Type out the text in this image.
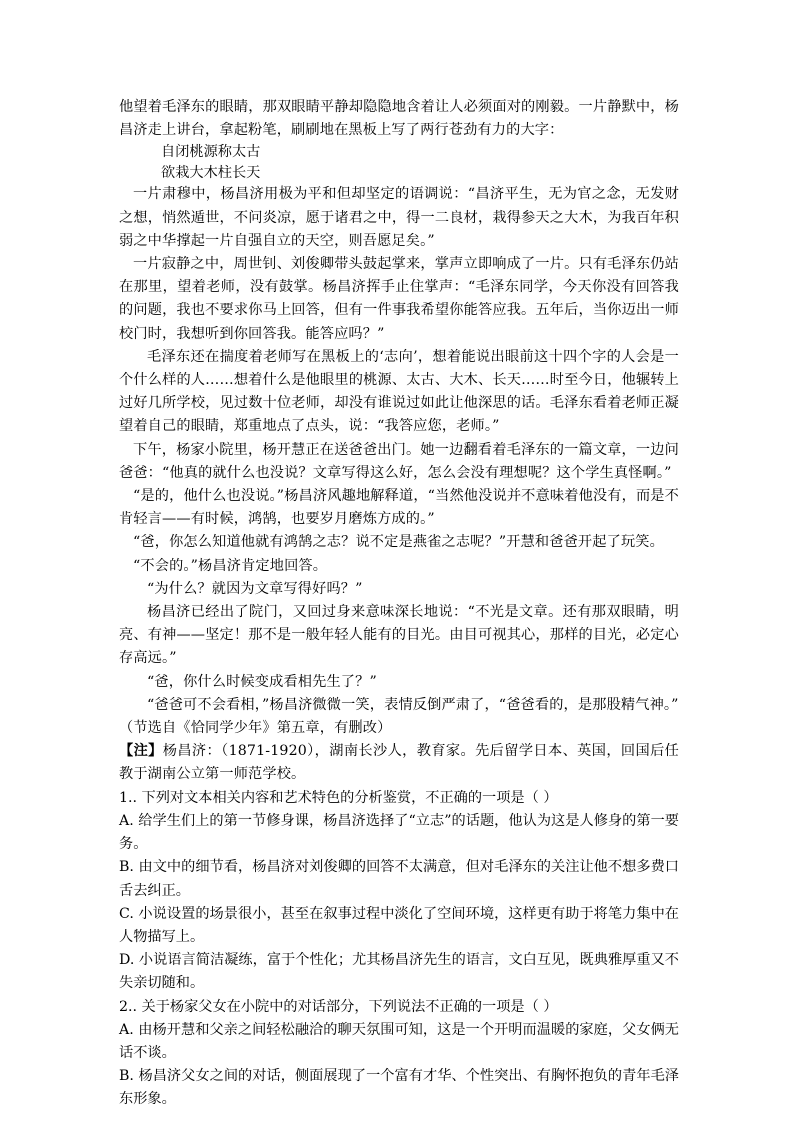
他望着毛泽东的眼睛，那双眼睛平静却隐隐地含着让人必须面对的刚毅。一片静默中，杨昌济走上讲台，拿起粉笔，刷刷地在黑板上写了两行苍劲有力的大字：

自闭桃源称太古

欲栽大木柱长天

一片肃穆中，杨昌济用极为平和但却坚定的语调说：“昌济平生，无为官之念，无发财之想，悄然遁世，不问炎凉，愿于诸君之中，得一二良材，栽得参天之大木，为我百年积弱之中华撑起一片自强自立的天空，则吾愿足矣。”

一片寂静之中，周世钊、刘俊卿带头鼓起掌来，掌声立即响成了一片。只有毛泽东仍站在那里，望着老师，没有鼓掌。杨昌济挥手止住掌声：“毛泽东同学，今天你没有回答我的问题，我也不要求你马上回答，但有一件事我希望你能答应我。五年后，当你迈出一师校门时，我想听到你回答我。能答应吗？”

毛泽东还在揣度着老师写在黑板上的‘志向’，想着能说出眼前这十四个字的人会是一个什么样的人……想着什么是他眼里的桃源、太古、大木、长天……时至今日，他辗转上过好几所学校，见过数十位老师，却没有谁说过如此让他深思的话。毛泽东看着老师正凝望着自己的眼睛，郑重地点了点头，说：“我答应您，老师。”

下午，杨家小院里，杨开慧正在送爸爸出门。她一边翻看着毛泽东的一篇文章，一边问爸爸：“他真的就什么也没说？文章写得这么好，怎么会没有理想呢？这个学生真怪啊。”

“是的，他什么也没说。”杨昌济风趣地解释道，“当然他没说并不意味着他没有，而是不肯轻言——有时候，鸿鹄，也要岁月磨炼方成的。”

“爸，你怎么知道他就有鸿鹄之志？说不定是燕雀之志呢？”开慧和爸爸开起了玩笑。

“不会的。”杨昌济肯定地回答。

“为什么？就因为文章写得好吗？”

杨昌济已经出了院门，又回过身来意味深长地说：“不光是文章。还有那双眼睛，明亮、有神——坚定！那不是一般年轻人能有的目光。由目可视其心，那样的目光，必定心存高远。”

“爸，你什么时候变成看相先生了？”

“爸爸可不会看相，”杨昌济微微一笑，表情反倒严肃了，“爸爸看的，是那股精气神。”

（节选自《恰同学少年》第五章，有删改）

【注】杨昌济：（1871-1920），湖南长沙人，教育家。先后留学日本、英国，回国后任教于湖南公立第一师范学校。

1.. 下列对文本相关内容和艺术特色的分析鉴赏，不正确的一项是（ ）

A. 给学生们上的第一节修身课，杨昌济选择了“立志”的话题，他认为这是人修身的第一要务。

B. 由文中的细节看，杨昌济对刘俊卿的回答不太满意，但对毛泽东的关注让他不想多费口舌去纠正。

C. 小说设置的场景很小，甚至在叙事过程中淡化了空间环境，这样更有助于将笔力集中在人物描写上。

D. 小说语言简洁凝练，富于个性化；尤其杨昌济先生的语言，文白互见，既典雅厚重又不失亲切随和。

2.. 关于杨家父女在小院中的对话部分，下列说法不正确的一项是（ ）

A. 由杨开慧和父亲之间轻松融洽的聊天氛围可知，这是一个开明而温暖的家庭，父女俩无话不谈。

B. 杨昌济父女之间的对话，侧面展现了一个富有才华、个性突出、有胸怀抱负的青年毛泽东形象。
